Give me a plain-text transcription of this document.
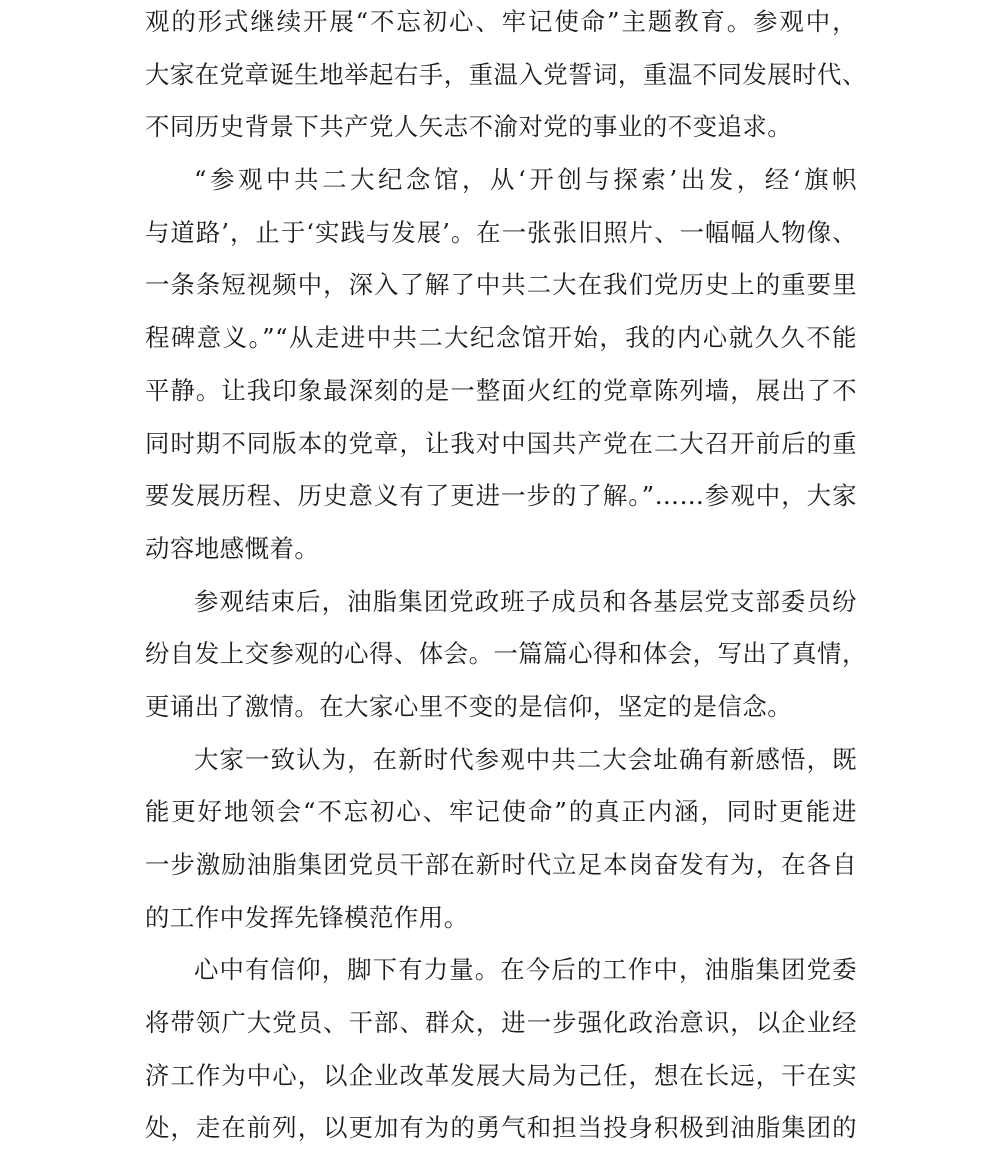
观的形式继续开展“不忘初心、牢记使命”主题教育。参观中，
大家在党章诞生地举起右手，重温入党誓词，重温不同发展时代、
不同历史背景下共产党人矢志不渝对党的事业的不变追求。
“参观中共二大纪念馆，从‘开创与探索’出发，经‘旗帜
与道路’，止于‘实践与发展’。在一张张旧照片、一幅幅人物像、
一条条短视频中，深入了解了中共二大在我们党历史上的重要里
程碑意义。”“从走进中共二大纪念馆开始，我的内心就久久不能
平静。让我印象最深刻的是一整面火红的党章陈列墙，展出了不
同时期不同版本的党章，让我对中国共产党在二大召开前后的重
要发展历程、历史意义有了更进一步的了解。”……参观中，大家
动容地感慨着。
参观结束后，油脂集团党政班子成员和各基层党支部委员纷
纷自发上交参观的心得、体会。一篇篇心得和体会，写出了真情，
更诵出了激情。在大家心里不变的是信仰，坚定的是信念。
大家一致认为，在新时代参观中共二大会址确有新感悟，既
能更好地领会“不忘初心、牢记使命”的真正内涵，同时更能进
一步激励油脂集团党员干部在新时代立足本岗奋发有为，在各自
的工作中发挥先锋模范作用。
心中有信仰，脚下有力量。在今后的工作中，油脂集团党委
将带领广大党员、干部、群众，进一步强化政治意识，以企业经
济工作为中心，以企业改革发展大局为己任，想在长远，干在实
处，走在前列，以更加有为的勇气和担当投身积极到油脂集团的
